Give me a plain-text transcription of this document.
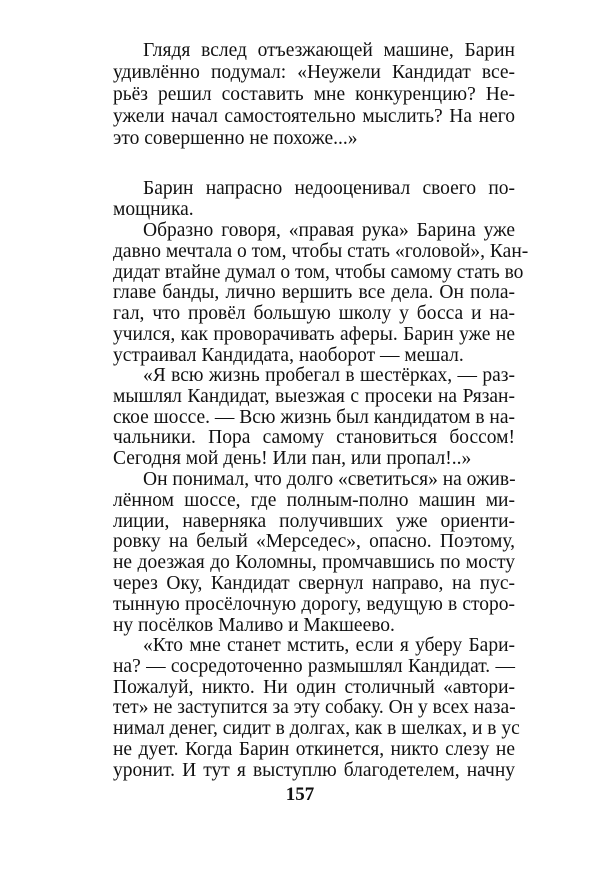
Глядя вслед отъезжающей машине, Барин
удивлённо подумал: «Неужели Кандидат все-
рьёз решил составить мне конкуренцию? Не-
ужели начал самостоятельно мыслить? На него
это совершенно не похоже...»
Барин напрасно недооценивал своего по-
мощника.
Образно говоря, «правая рука» Барина уже
давно мечтала о том, чтобы стать «головой», Кан-
дидат втайне думал о том, чтобы самому стать во
главе банды, лично вершить все дела. Он пола-
гал, что провёл большую школу у босса и на-
учился, как проворачивать аферы. Барин уже не
устраивал Кандидата, наоборот — мешал.
«Я всю жизнь пробегал в шестёрках, — раз-
мышлял Кандидат, выезжая с просеки на Рязан-
ское шоссе. — Всю жизнь был кандидатом в на-
чальники. Пора самому становиться боссом!
Сегодня мой день! Или пан, или пропал!..»
Он понимал, что долго «светиться» на ожив-
лённом шоссе, где полным-полно машин ми-
лиции, наверняка получивших уже ориенти-
ровку на белый «Мерседес», опасно. Поэтому,
не доезжая до Коломны, промчавшись по мосту
через Оку, Кандидат свернул направо, на пус-
тынную просёлочную дорогу, ведущую в сторо-
ну посёлков Маливо и Макшеево.
«Кто мне станет мстить, если я уберу Бари-
на? — сосредоточенно размышлял Кандидат. —
Пожалуй, никто. Ни один столичный «автори-
тет» не заступится за эту собаку. Он у всех наза-
нимал денег, сидит в долгах, как в шелках, и в ус
не дует. Когда Барин откинется, никто слезу не
уронит. И тут я выступлю благодетелем, начну
157
